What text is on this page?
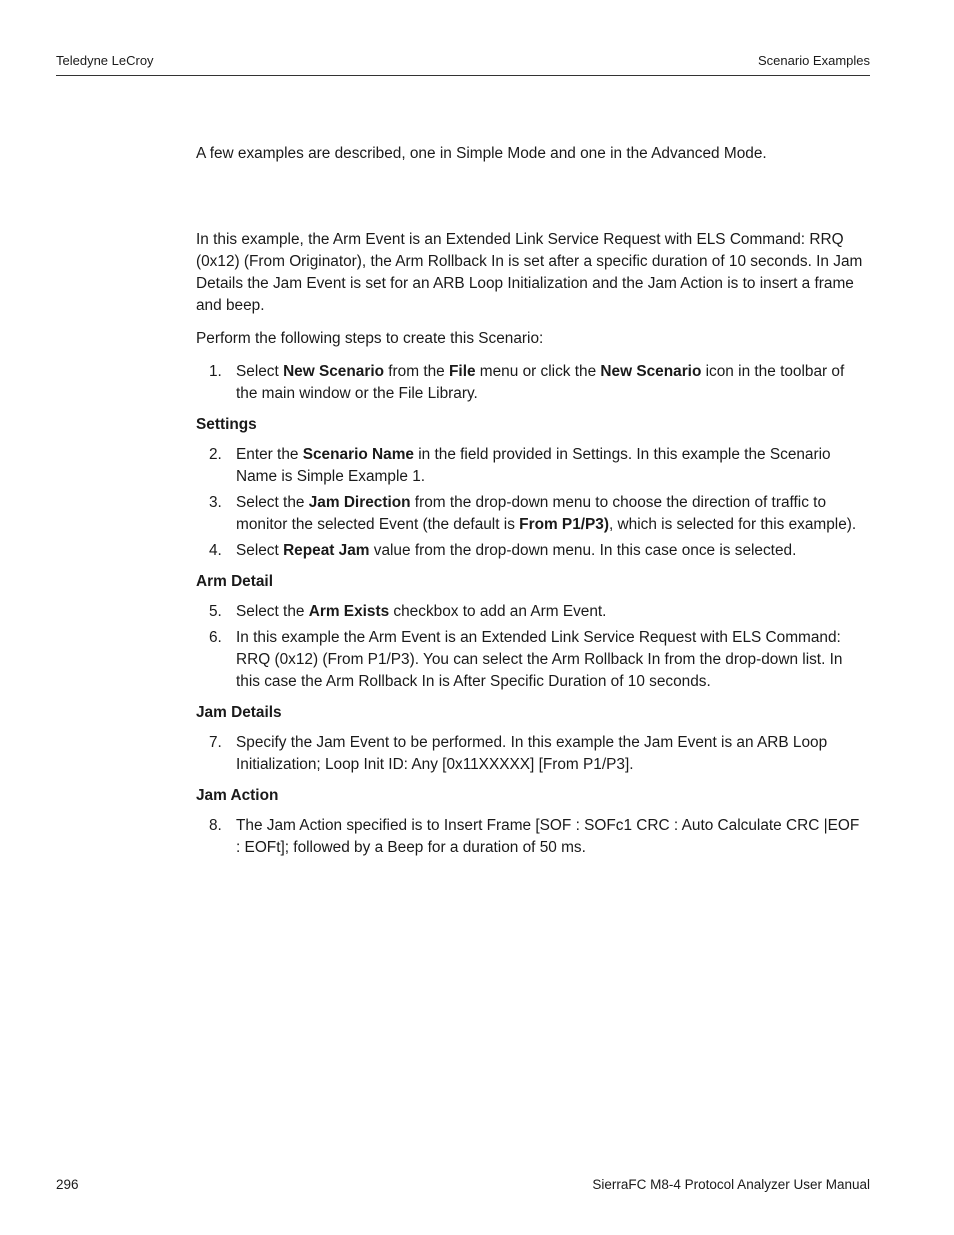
Teledyne LeCroy	Scenario Examples

A few examples are described, one in Simple Mode and one in the Advanced Mode.

In this example, the Arm Event is an Extended Link Service Request with ELS Command: RRQ (0x12) (From Originator), the Arm Rollback In is set after a specific duration of 10 seconds. In Jam Details the Jam Event is set for an ARB Loop Initialization and the Jam Action is to insert a frame and beep.

Perform the following steps to create this Scenario:

1. Select New Scenario from the File menu or click the New Scenario icon in the toolbar of the main window or the File Library.

Settings

2. Enter the Scenario Name in the field provided in Settings. In this example the Scenario Name is Simple Example 1.
3. Select the Jam Direction from the drop-down menu to choose the direction of traffic to monitor the selected Event (the default is From P1/P3), which is selected for this example).
4. Select Repeat Jam value from the drop-down menu. In this case once is selected.

Arm Detail

5. Select the Arm Exists checkbox to add an Arm Event.
6. In this example the Arm Event is an Extended Link Service Request with ELS Command: RRQ (0x12) (From P1/P3). You can select the Arm Rollback In from the drop-down list. In this case the Arm Rollback In is After Specific Duration of 10 seconds.

Jam Details

7. Specify the Jam Event to be performed. In this example the Jam Event is an ARB Loop Initialization; Loop Init ID: Any [0x11XXXXX] [From P1/P3].

Jam Action

8. The Jam Action specified is to Insert Frame [SOF : SOFc1 CRC : Auto Calculate CRC |EOF : EOFt]; followed by a Beep for a duration of 50 ms.
296	SierraFC M8-4 Protocol Analyzer User Manual
